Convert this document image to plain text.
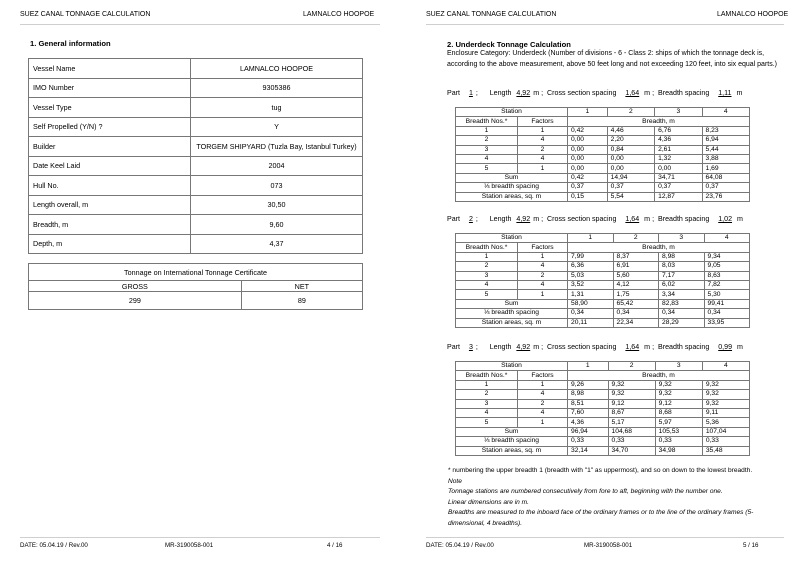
SUEZ CANAL TONNAGE CALCULATION	LAMNALCO HOOPOE
1. General information
Vessel Name	LAMNALCO HOOPOE
IMO Number	9305386
Vessel Type	tug
Self Propelled (Y/N) ?	Y
Builder	TORGEM SHIPYARD (Tuzla Bay, Istanbul Turkey)
Date Keel Laid	2004
Hull No.	073
Length overall, m	30,50
Breadth, m	9,60
Depth, m	4,37
Tonnage on International Tonnage Certificate	
GROSS	NET
299	89
DATE: 05.04.19 / Rev.00	MR-3190058-001	4 / 16
SUEZ CANAL TONNAGE CALCULATION	LAMNALCO HOOPOE
DATE: 05.04.19 / Rev.00	MR-3190058-001	5 / 16
2. Underdeck Tonnage Calculation
Enclosure Category: Underdeck (Number of divisions - 6 - Class 2: ships of which the tonnage deck is, according to the above measurement, above 50 feet long and not exceeding 120 feet, into six equal parts.)
Part 1 ; Length 4,92 m ; Cross section spacing 1,64 m ; Breadth spacing 1,11 m
Station		1	2	3	4
Breadth Nos.*	Factors	Breadth, m			
1	1	0,42	4,46	6,76	8,23
2	4	0,00	2,20	4,36	6,94
3	2	0,00	0,84	2,61	5,44
4	4	0,00	0,00	1,32	3,88
5	1	0,00	0,00	0,00	1,69
Sum		0,42	14,94	34,71	64,08
⅓ breadth spacing		0,37	0,37	0,37	0,37
Station areas, sq. m		0,15	5,54	12,87	23,76
Part 2 ; Length 4,92 m ; Cross section spacing 1,64 m ; Breadth spacing 1,02 m
Station		1	2	3	4
Breadth Nos.*	Factors	Breadth, m			
1	1	7,99	8,37	8,98	9,34
2	4	6,36	6,91	8,03	9,05
3	2	5,03	5,60	7,17	8,63
4	4	3,52	4,12	6,02	7,82
5	1	1,31	1,75	3,34	5,30
Sum		58,90	65,42	82,83	99,41
⅓ breadth spacing		0,34	0,34	0,34	0,34
Station areas, sq. m		20,11	22,34	28,29	33,95
Part 3 ; Length 4,92 m ; Cross section spacing 1,64 m ; Breadth spacing 0,99 m
Station		1	2	3	4
Breadth Nos.*	Factors	Breadth, m			
1	1	9,26	9,32	9,32	9,32
2	4	8,98	9,32	9,32	9,32
3	2	8,51	9,12	9,12	9,32
4	4	7,60	8,67	8,68	9,11
5	1	4,36	5,17	5,97	5,36
Sum		96,94	104,68	105,53	107,04
⅓ breadth spacing		0,33	0,33	0,33	0,33
Station areas, sq. m		32,14	34,70	34,98	35,48
* numbering the upper breadth 1 (breadth with "1" as uppermost), and so on down to the lowest breadth.
Note
Tonnage stations are numbered consecutively from fore to aft, beginning with the number one.
Linear dimensions are in m.
Breadths are measured to the inboard face of the ordinary frames or to the line of the ordinary frames (5-dimensional, 4 breadths).
